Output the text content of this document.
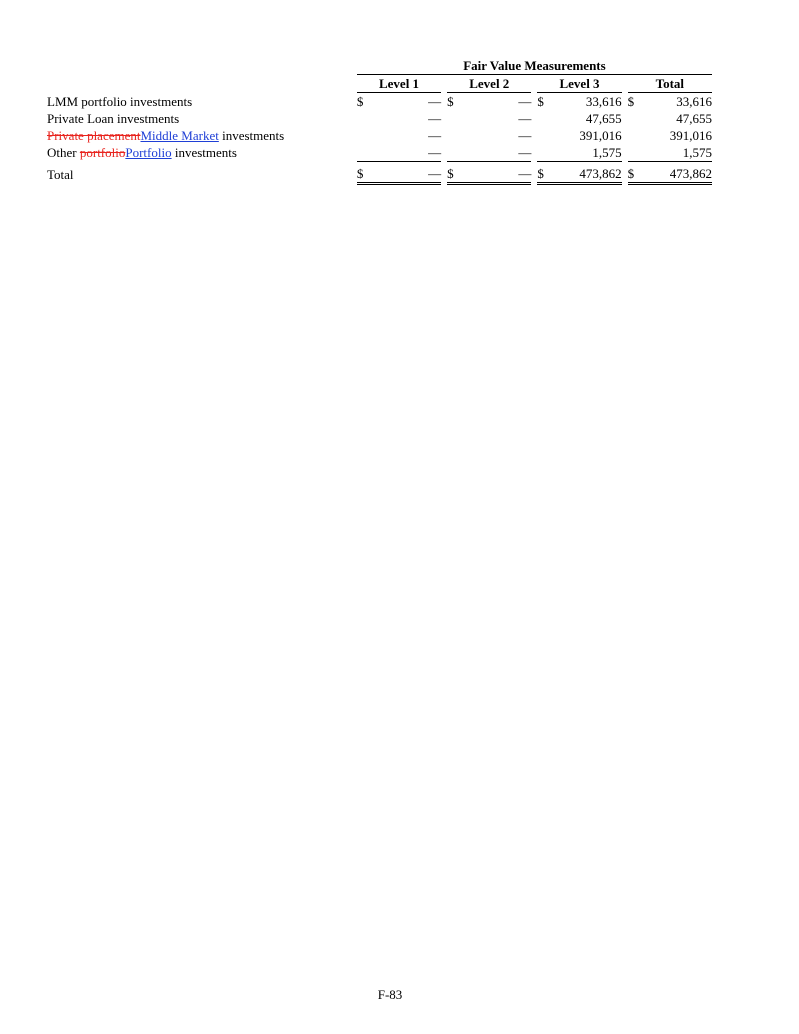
	Fair Value Measurements										
	Level 1			Level 2			Level 3			Total	
LMM portfolio investments	$	—		$	—		$	33,616		$	33,616
Private Loan investments		—			—			47,655			47,655
Private placementMiddle Market investments		—			—			391,016			391,016
Other portfolioPortfolio investments		—			—			1,575			1,575
Total	$	—		$	—		$	473,862		$	473,862
F-83
